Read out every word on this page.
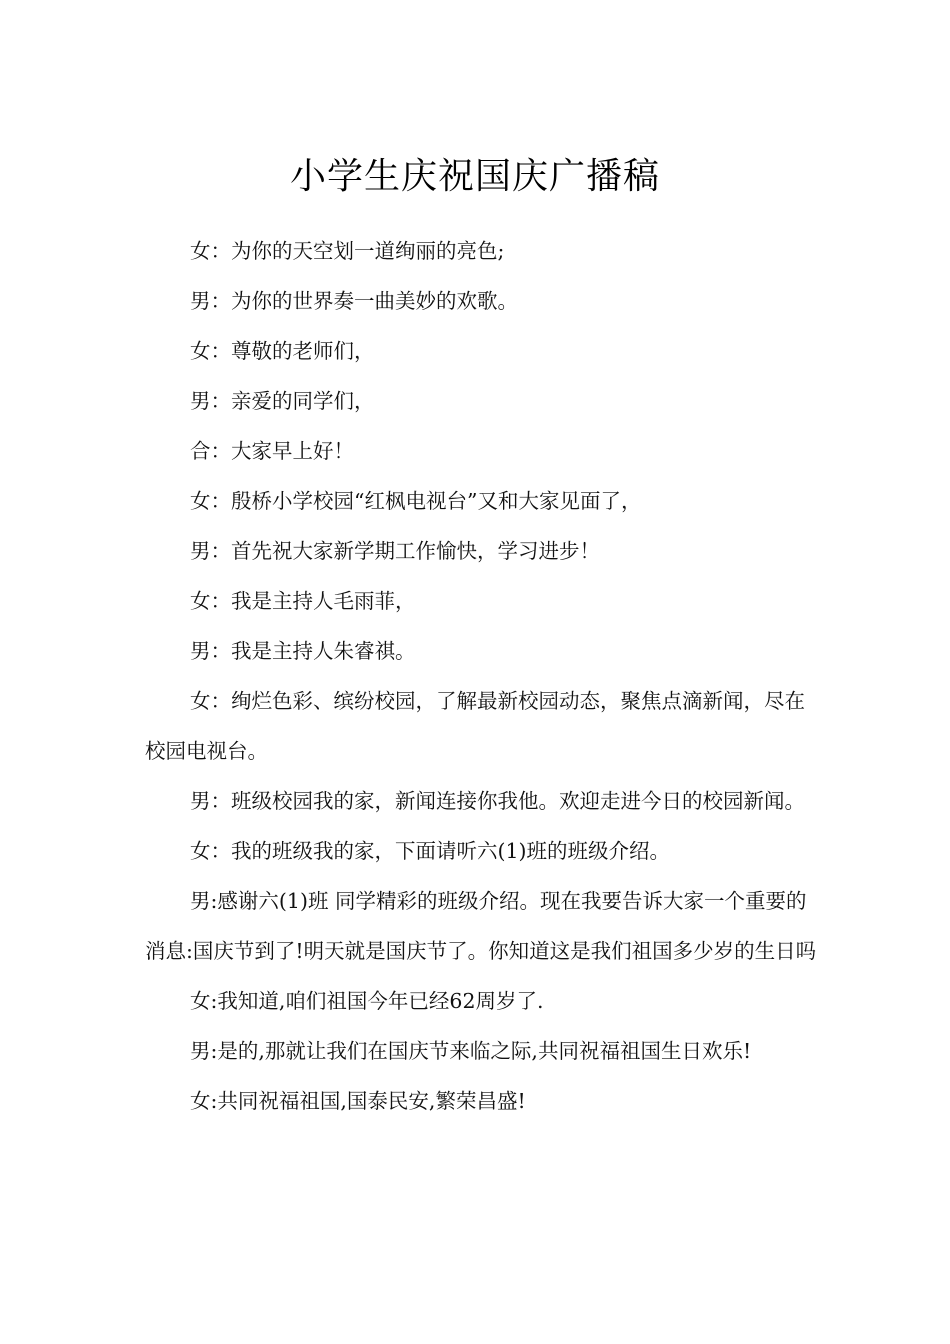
小学生庆祝国庆广播稿

女：为你的天空划一道绚丽的亮色;

男：为你的世界奏一曲美妙的欢歌。

女：尊敬的老师们，

男：亲爱的同学们，

合：大家早上好！

女：殷桥小学校园“红枫电视台”又和大家见面了，

男：首先祝大家新学期工作愉快，学习进步！

女：我是主持人毛雨菲，

男：我是主持人朱睿祺。

女：绚烂色彩、缤纷校园，了解最新校园动态，聚焦点滴新闻，尽在校园电视台。

男：班级校园我的家，新闻连接你我他。欢迎走进今日的校园新闻。

女：我的班级我的家，下面请听六(1)班的班级介绍。

男:感谢六(1)班 同学精彩的班级介绍。现在我要告诉大家一个重要的消息:国庆节到了!明天就是国庆节了。你知道这是我们祖国多少岁的生日吗

女:我知道,咱们祖国今年已经62周岁了.

男:是的,那就让我们在国庆节来临之际,共同祝福祖国生日欢乐!

女:共同祝福祖国,国泰民安,繁荣昌盛!
